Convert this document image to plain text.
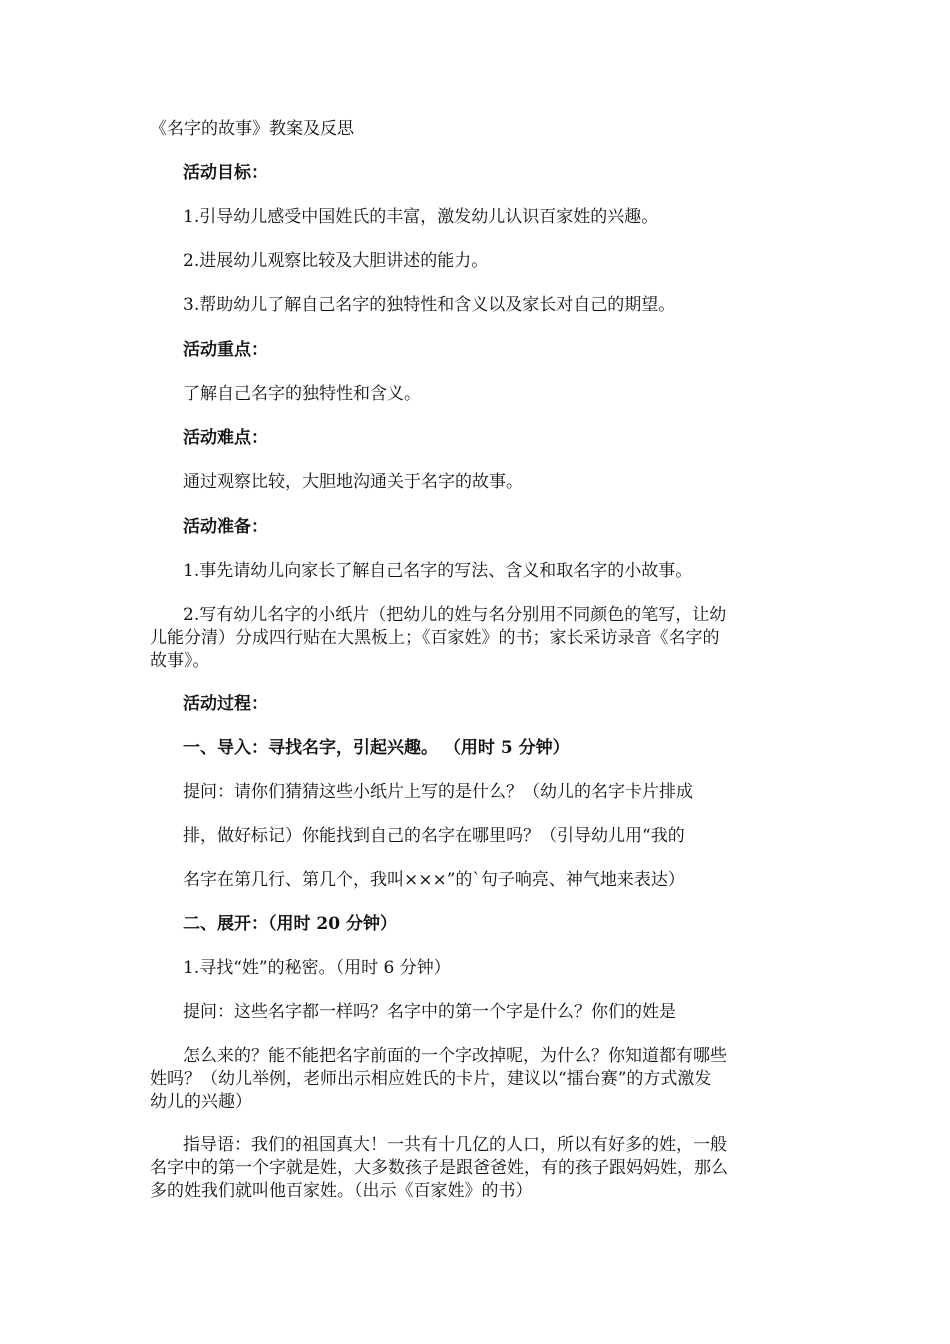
《名字的故事》教案及反思
活动目标：
1.引导幼儿感受中国姓氏的丰富，激发幼儿认识百家姓的兴趣。
2.进展幼儿观察比较及大胆讲述的能力。
3.帮助幼儿了解自己名字的独特性和含义以及家长对自己的期望。
活动重点：
了解自己名字的独特性和含义。
活动难点：
通过观察比较，大胆地沟通关于名字的故事。
活动准备：
1.事先请幼儿向家长了解自己名字的写法、含义和取名字的小故事。
2.写有幼儿名字的小纸片（把幼儿的姓与名分别用不同颜色的笔写，让幼
儿能分清）分成四行贴在大黑板上；《百家姓》的书；家长采访录音《名字的
故事》。
活动过程：
一、导入：寻找名字，引起兴趣。 （用时 5 分钟）
提问：请你们猜猜这些小纸片上写的是什么？（幼儿的名字卡片排成
排，做好标记）你能找到自己的名字在哪里吗？（引导幼儿用“我的
名字在第几行、第几个，我叫×××”的`句子响亮、神气地来表达）
二、展开：（用时 20 分钟）
1.寻找“姓”的秘密。（用时 6 分钟）
提问：这些名字都一样吗？名字中的第一个字是什么？你们的姓是
怎么来的？能不能把名字前面的一个字改掉呢，为什么？你知道都有哪些
姓吗？（幼儿举例，老师出示相应姓氏的卡片，建议以“擂台赛”的方式激发
幼儿的兴趣）
指导语：我们的祖国真大！一共有十几亿的人口，所以有好多的姓，一般
名字中的第一个字就是姓，大多数孩子是跟爸爸姓，有的孩子跟妈妈姓，那么
多的姓我们就叫他百家姓。（出示《百家姓》的书）
